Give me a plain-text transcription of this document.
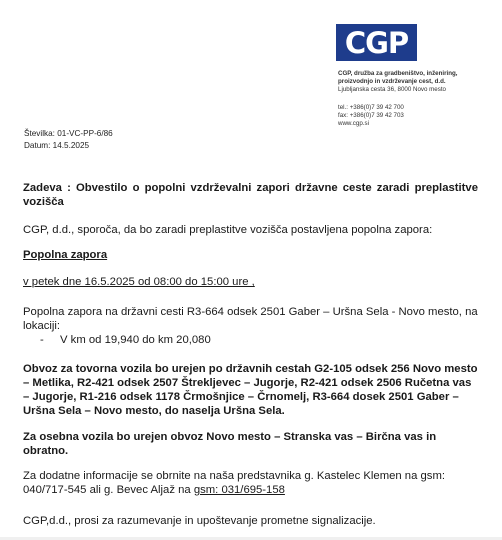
CGP
CGP, družba za gradbeništvo, inženiring,
proizvodnjo in vzdrževanje cest, d.d.
Ljubljanska cesta 36, 8000 Novo mesto
tel.: +386(0)7 39 42 700
fax: +386(0)7 39 42 703
www.cgp.si
Številka: 01-VC-PP-6/86
Datum: 14.5.2025
Zadeva : Obvestilo o popolni vzdrževalni zapori državne ceste zaradi preplastitve vozišča
CGP, d.d., sporoča, da bo zaradi preplastitve vozišča postavljena popolna zapora:
Popolna zapora
v petek dne 16.5.2025 od 08:00 do 15:00 ure ,
Popolna zapora na državni cesti R3-664 odsek 2501 Gaber – Uršna Sela - Novo mesto, na lokaciji:
- V km od 19,940 do km 20,080
Obvoz za tovorna vozila bo urejen po državnih cestah G2-105 odsek 256 Novo mesto – Metlika, R2-421 odsek 2507 Štrekljevec – Jugorje, R2-421 odsek 2506 Ručetna vas – Jugorje, R1-216 odsek 1178 Črmošnjice – Črnomelj, R3-664 dosek 2501 Gaber – Uršna Sela – Novo mesto, do naselja Uršna Sela.
Za osebna vozila bo urejen obvoz Novo mesto – Stranska vas – Birčna vas in obratno.
Za dodatne informacije se obrnite na naša predstavnika g. Kastelec Klemen na gsm: 040/717-545 ali g. Bevec Aljaž na gsm: 031/695-158
CGP,d.d., prosi za razumevanje in upoštevanje prometne signalizacije.
